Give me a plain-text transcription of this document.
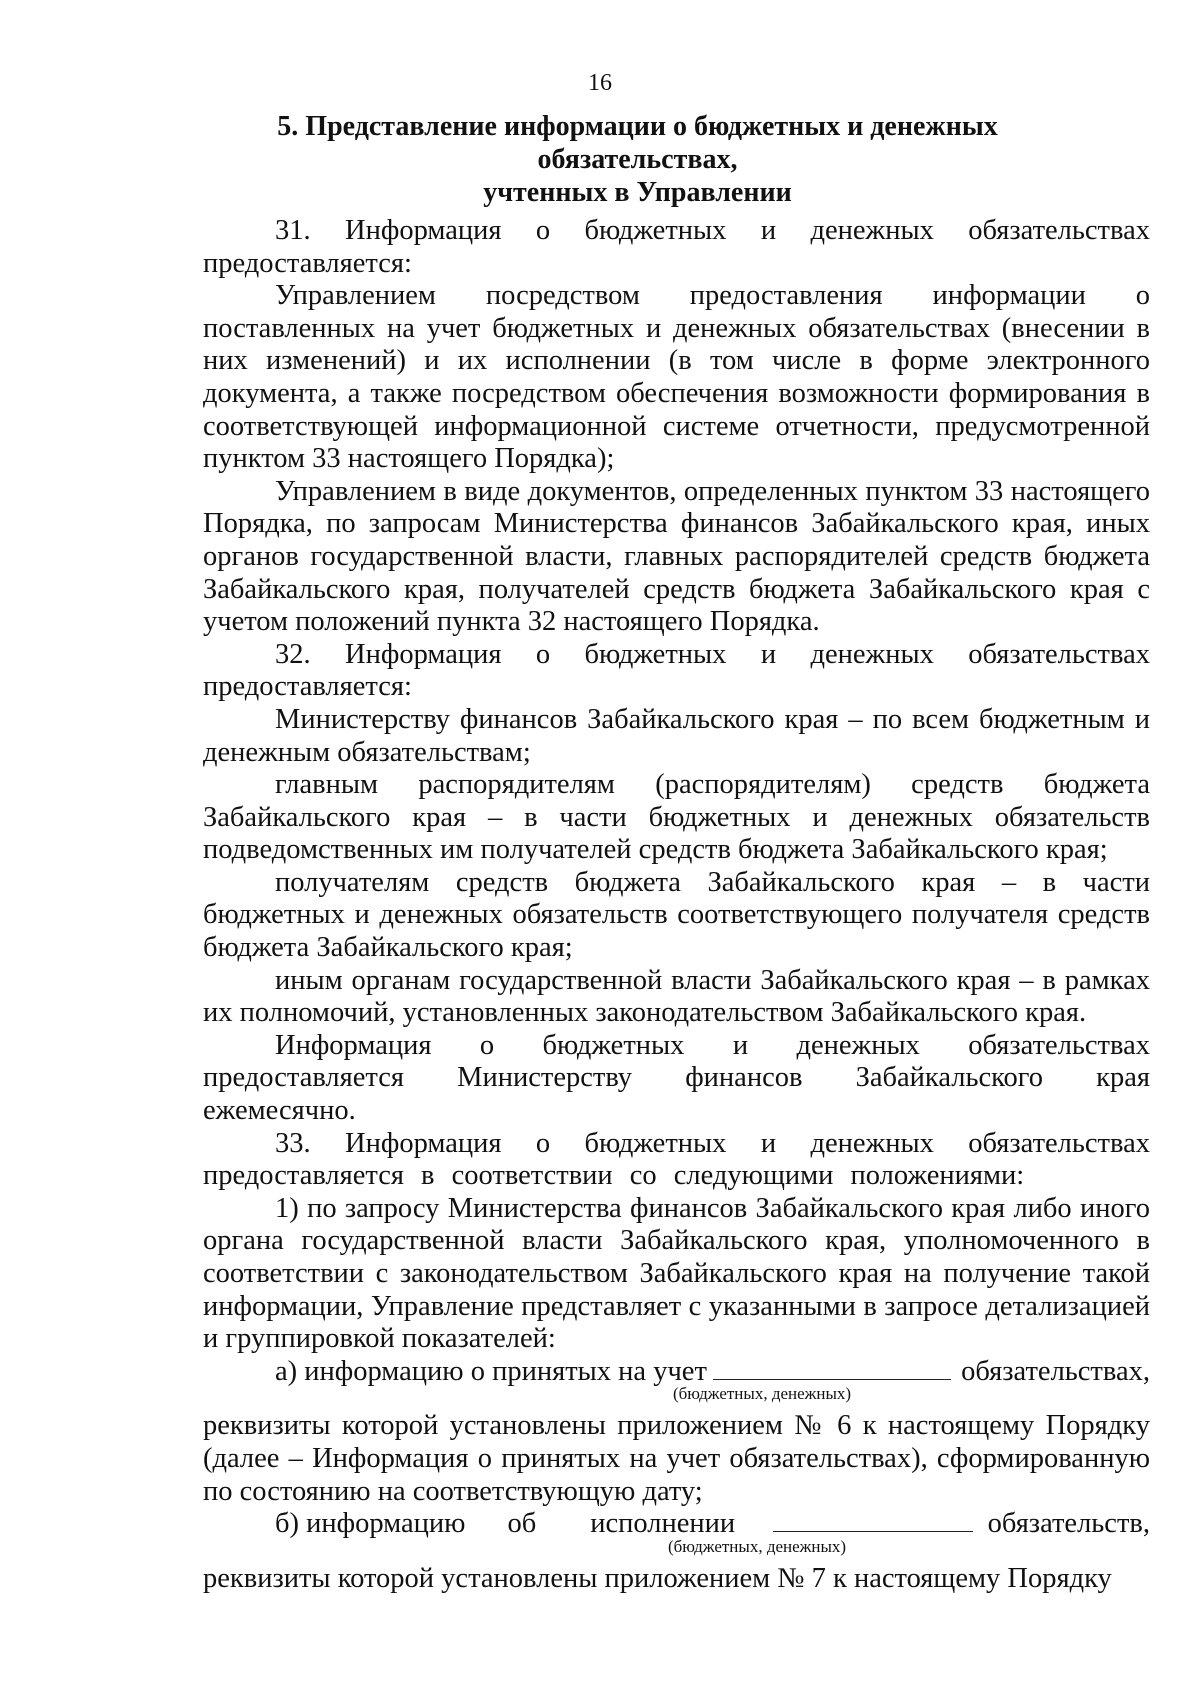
16
5. Представление информации о бюджетных и денежных обязательствах,
учтенных в Управлении

31. Информация о бюджетных и денежных обязательствах предоставляется:

Управлением посредством предоставления информации о поставленных на учет бюджетных и денежных обязательствах (внесении в них изменений) и их исполнении (в том числе в форме электронного документа, а также посредством обеспечения возможности формирования в соответствующей информационной системе отчетности, предусмотренной пунктом 33 настоящего Порядка);

Управлением в виде документов, определенных пунктом 33 настоящего Порядка, по запросам Министерства финансов Забайкальского края, иных органов государственной власти, главных распорядителей средств бюджета Забайкальского края, получателей средств бюджета Забайкальского края с учетом положений пункта 32 настоящего Порядка.

32. Информация о бюджетных и денежных обязательствах предоставляется:

Министерству финансов Забайкальского края – по всем бюджетным и денежным обязательствам;

главным распорядителям (распорядителям) средств бюджета Забайкальского края – в части бюджетных и денежных обязательств подведомственных им получателей средств бюджета Забайкальского края;

получателям средств бюджета Забайкальского края – в части бюджетных и денежных обязательств соответствующего получателя средств бюджета Забайкальского края;

иным органам государственной власти Забайкальского края – в рамках их полномочий, установленных законодательством Забайкальского края.

Информация о бюджетных и денежных обязательствах предоставляется Министерству финансов Забайкальского края ежемесячно.

33. Информация о бюджетных и денежных обязательствах предоставляется в соответствии со следующими положениями:

1) по запросу Министерства финансов Забайкальского края либо иного органа государственной власти Забайкальского края, уполномоченного в соответствии с законодательством Забайкальского края на получение такой информации, Управление представляет с указанными в запросе детализацией и группировкой показателей:

а) информацию о принятых на учет	обязательствах,

(бюджетных, денежных)

реквизиты которой установлены приложением № 6 к настоящему Порядку (далее – Информация о принятых на учет обязательствах), сформированную по состоянию на соответствующую дату;

б) информацию об исполнении	обязательств,

(бюджетных, денежных)

реквизиты которой установлены приложением № 7 к настоящему Порядку
